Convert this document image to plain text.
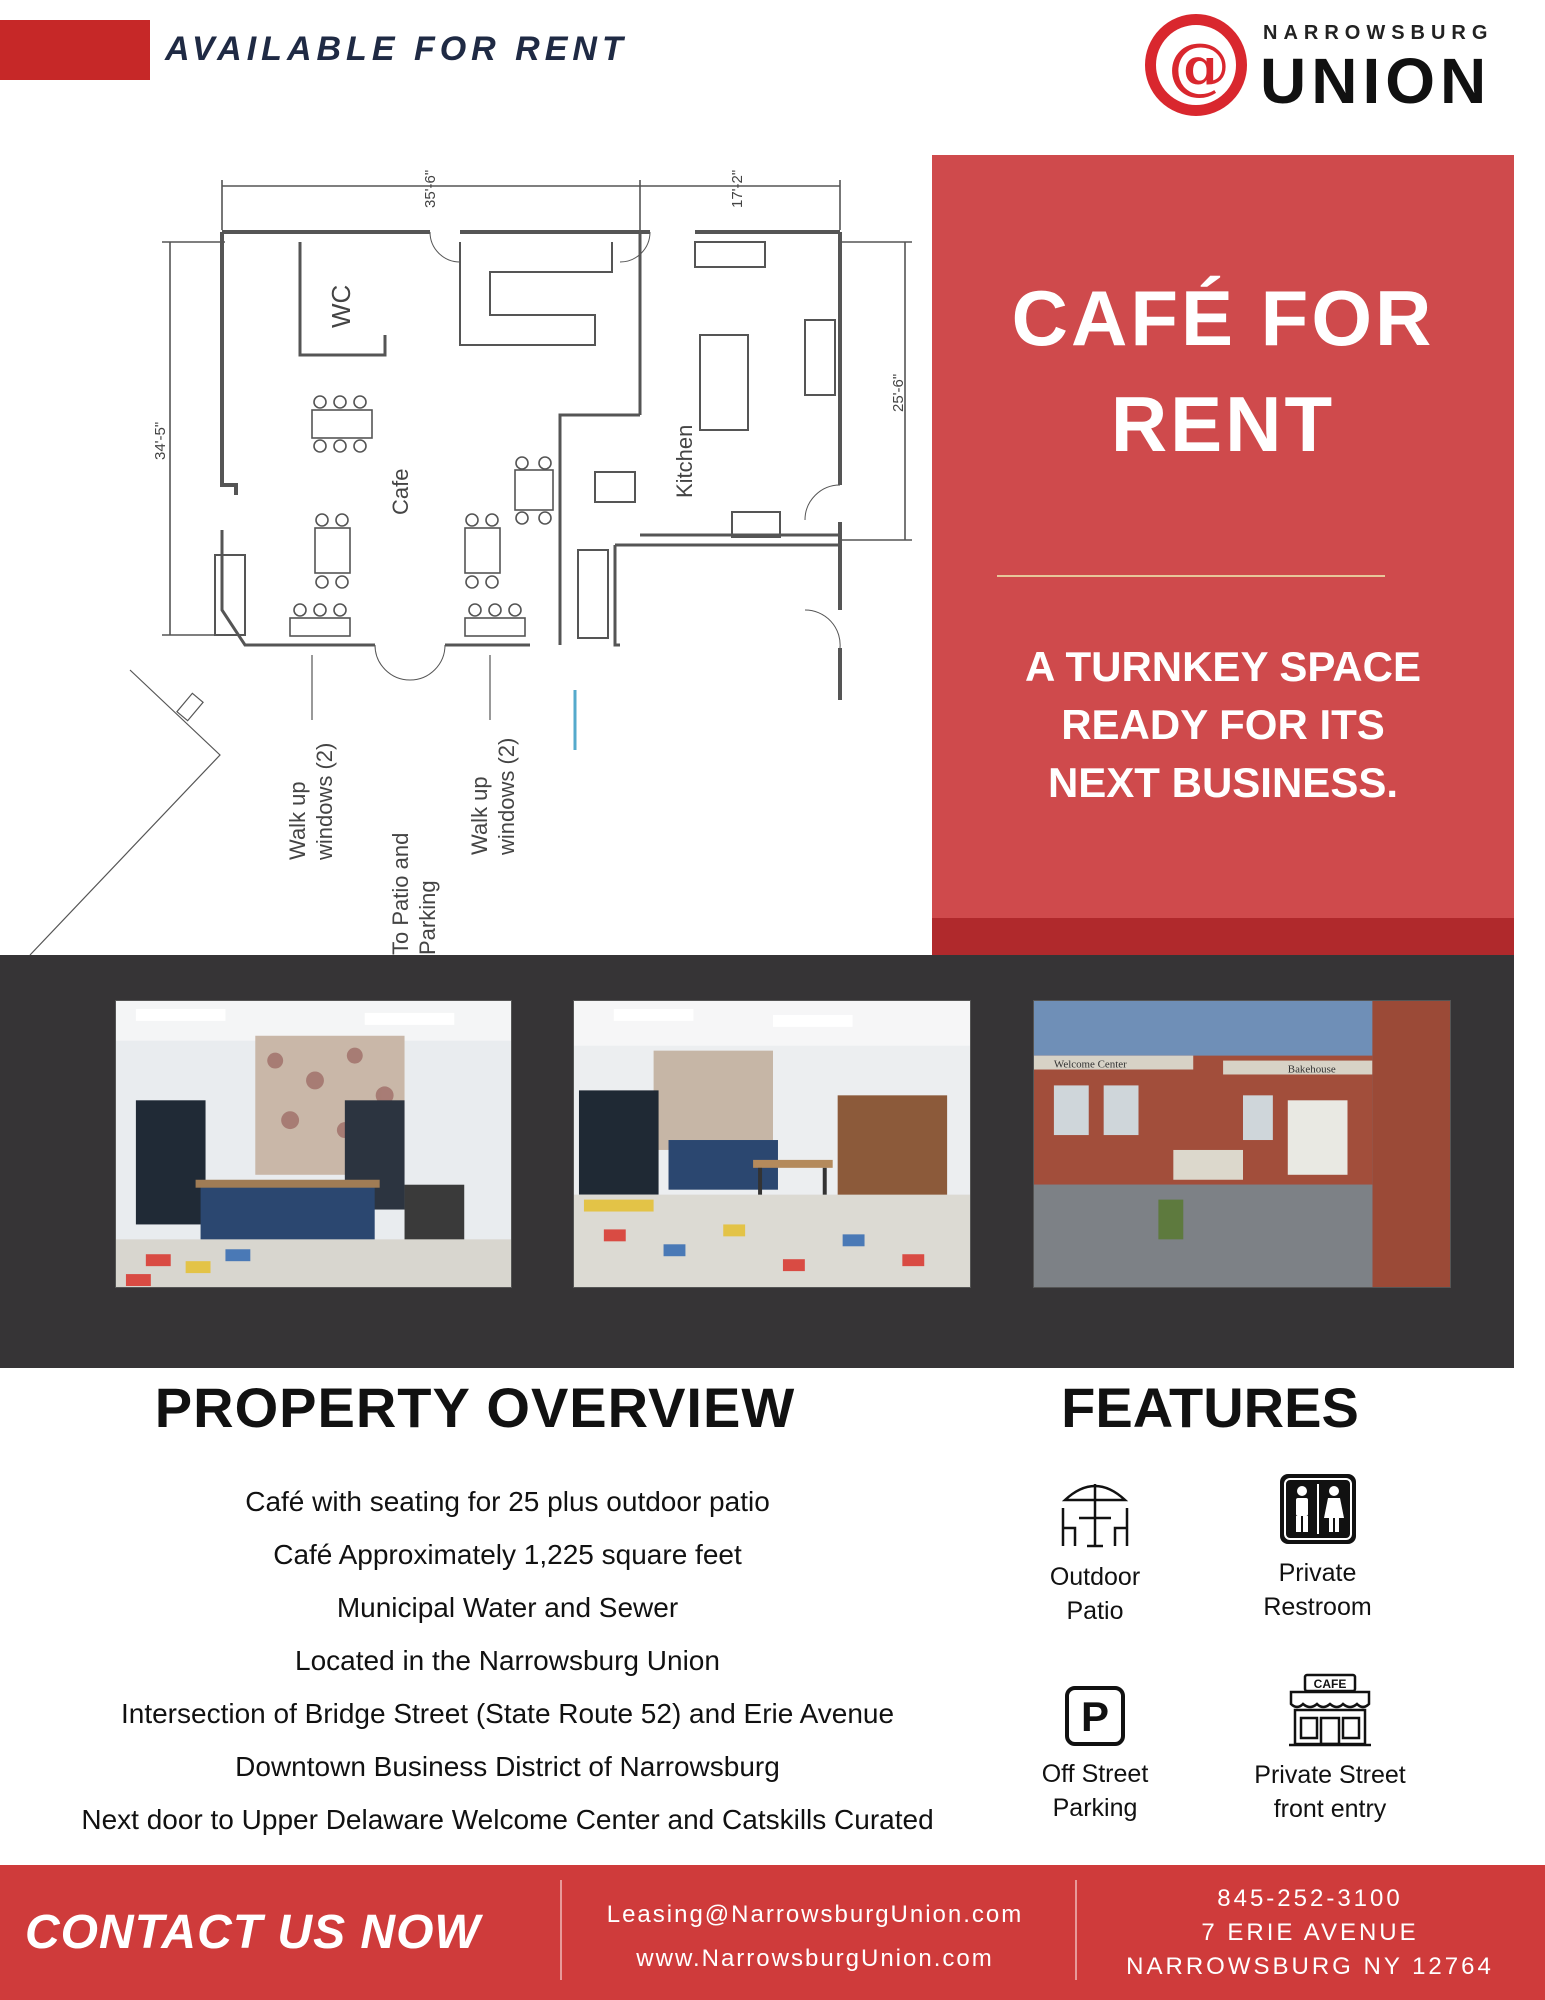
AVAILABLE FOR RENT	@ NARROWSBURG
UNION
35'-6"	17'-2"
34'-5"
25'-6"
WC
Cafe	Kitchen
Walk up windows (2)	Walk up windows (2)
To Patio and Parking
CAFÉ FOR
RENT
A TURNKEY SPACE
READY FOR ITS
NEXT BUSINESS.
Welcome Center	Bakehouse
PROPERTY OVERVIEW
Café with seating for 25 plus outdoor patio
Café Approximately 1,225 square feet
Municipal Water and Sewer
Located in the Narrowsburg Union
Intersection of Bridge Street (State Route 52) and Erie Avenue
Downtown Business District of Narrowsburg
Next door to Upper Delaware Welcome Center and Catskills Curated
FEATURES
Outdoor
Patio
Private
Restroom
P
Off Street
Parking
CAFE
Private Street
front entry
CONTACT US NOW	Leasing@NarrowsburgUnion.com
www.NarrowsburgUnion.com
845-252-3100
7 ERIE AVENUE
NARROWSBURG NY 12764
